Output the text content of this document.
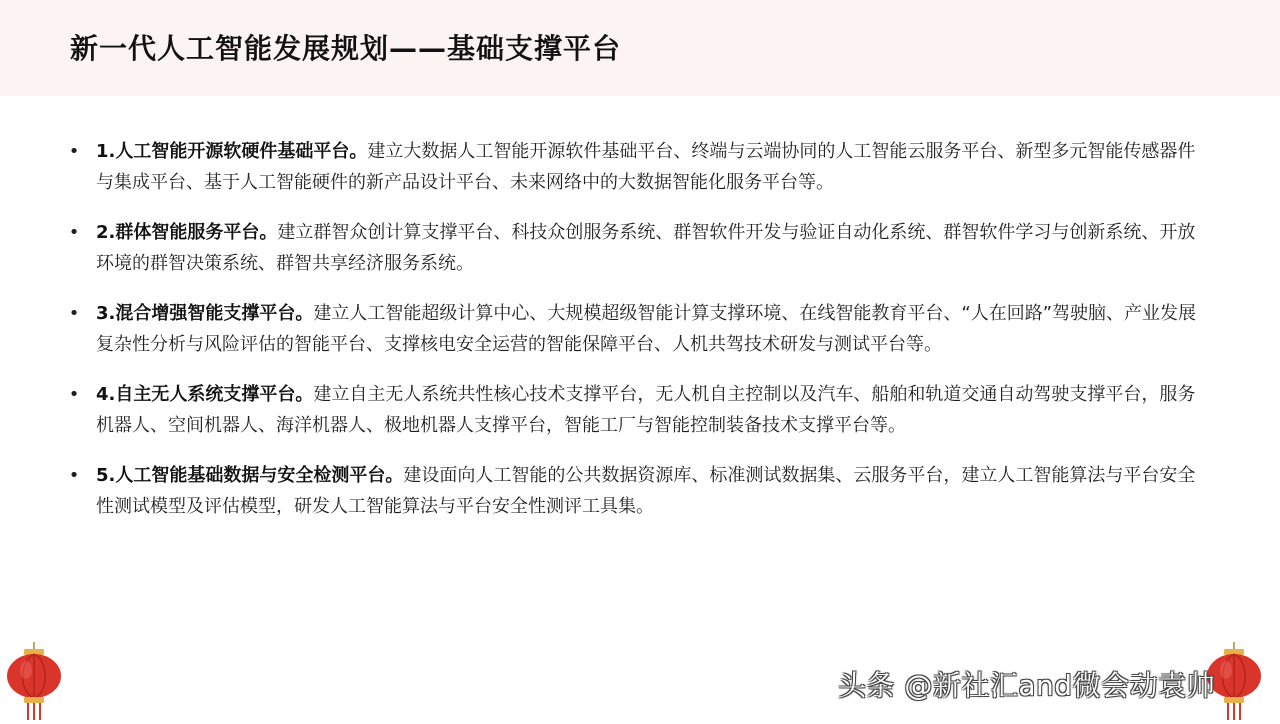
新一代人工智能发展规划——基础支撑平台
• 1.人工智能开源软硬件基础平台。建立大数据人工智能开源软件基础平台、终端与云端协同的人工智能云服务平台、新型多元智能传感器件与集成平台、基于人工智能硬件的新产品设计平台、未来网络中的大数据智能化服务平台等。
• 2.群体智能服务平台。建立群智众创计算支撑平台、科技众创服务系统、群智软件开发与验证自动化系统、群智软件学习与创新系统、开放环境的群智决策系统、群智共享经济服务系统。
• 3.混合增强智能支撑平台。建立人工智能超级计算中心、大规模超级智能计算支撑环境、在线智能教育平台、“人在回路”驾驶脑、产业发展复杂性分析与风险评估的智能平台、支撑核电安全运营的智能保障平台、人机共驾技术研发与测试平台等。
• 4.自主无人系统支撑平台。建立自主无人系统共性核心技术支撑平台，无人机自主控制以及汽车、船舶和轨道交通自动驾驶支撑平台，服务机器人、空间机器人、海洋机器人、极地机器人支撑平台，智能工厂与智能控制装备技术支撑平台等。
• 5.人工智能基础数据与安全检测平台。建设面向人工智能的公共数据资源库、标准测试数据集、云服务平台，建立人工智能算法与平台安全性测试模型及评估模型，研发人工智能算法与平台安全性测评工具集。
头条 @新社汇and微会动袁帅
